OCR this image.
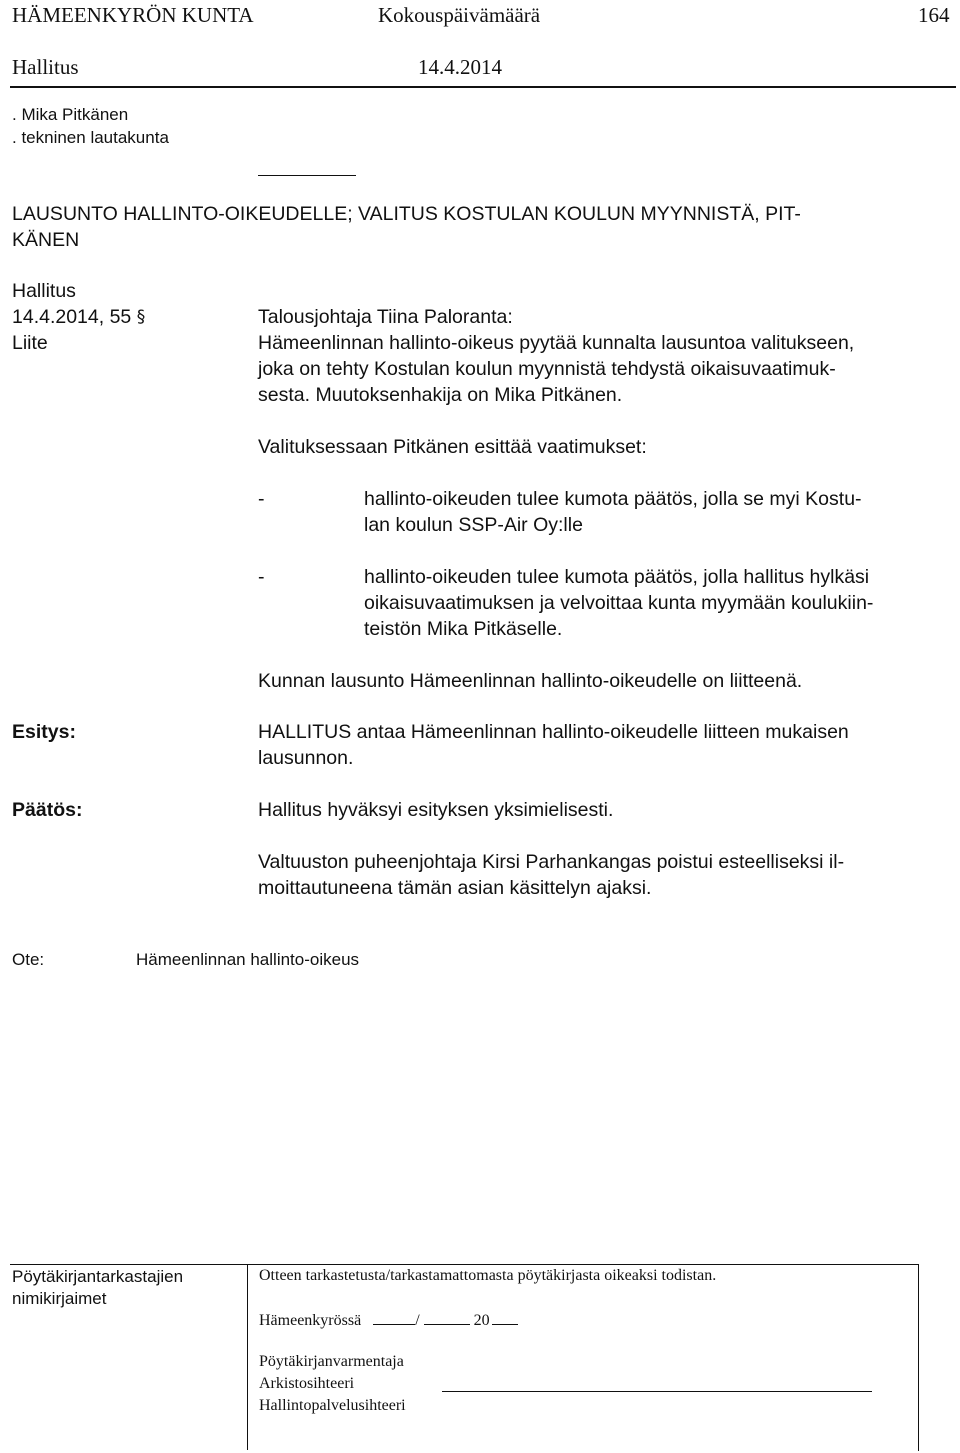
HÄMEENKYRÖN KUNTA	Kokouspäivämäärä	164
Hallitus	14.4.2014
. Mika Pitkänen
. tekninen lautakunta
LAUSUNTO HALLINTO-OIKEUDELLE; VALITUS KOSTULAN KOULUN MYYNNISTÄ, PIT-
KÄNEN
Hallitus
14.4.2014, 55 §
Liite
Talousjohtaja Tiina Paloranta:
Hämeenlinnan hallinto-oikeus pyytää kunnalta lausuntoa valitukseen,
joka on tehty Kostulan koulun myynnistä tehdystä oikaisuvaatimuk-
sesta. Muutoksenhakija on Mika Pitkänen.
Valituksessaan Pitkänen esittää vaatimukset:
-	hallinto-oikeuden tulee kumota päätös, jolla se myi Kostu-
lan koulun SSP-Air Oy:lle
-	hallinto-oikeuden tulee kumota päätös, jolla hallitus hylkäsi
oikaisuvaatimuksen ja velvoittaa kunta myymään koulukiin-
teistön Mika Pitkäselle.
Kunnan lausunto Hämeenlinnan hallinto-oikeudelle on liitteenä.
Esitys:	HALLITUS antaa Hämeenlinnan hallinto-oikeudelle liitteen mukaisen
lausunnon.
Päätös:	Hallitus hyväksyi esityksen yksimielisesti.
Valtuuston puheenjohtaja Kirsi Parhankangas poistui esteelliseksi il-
moittautuneena tämän asian käsittelyn ajaksi.
Ote:	Hämeenlinnan hallinto-oikeus
Pöytäkirjantarkastajien
nimikirjaimet
Otteen tarkastetusta/tarkastamattomasta pöytäkirjasta oikeaksi todistan.
Hämeenkyrössä	/	20
Pöytäkirjanvarmentaja
Arkistosihteeri
Hallintopalvelusihteeri
